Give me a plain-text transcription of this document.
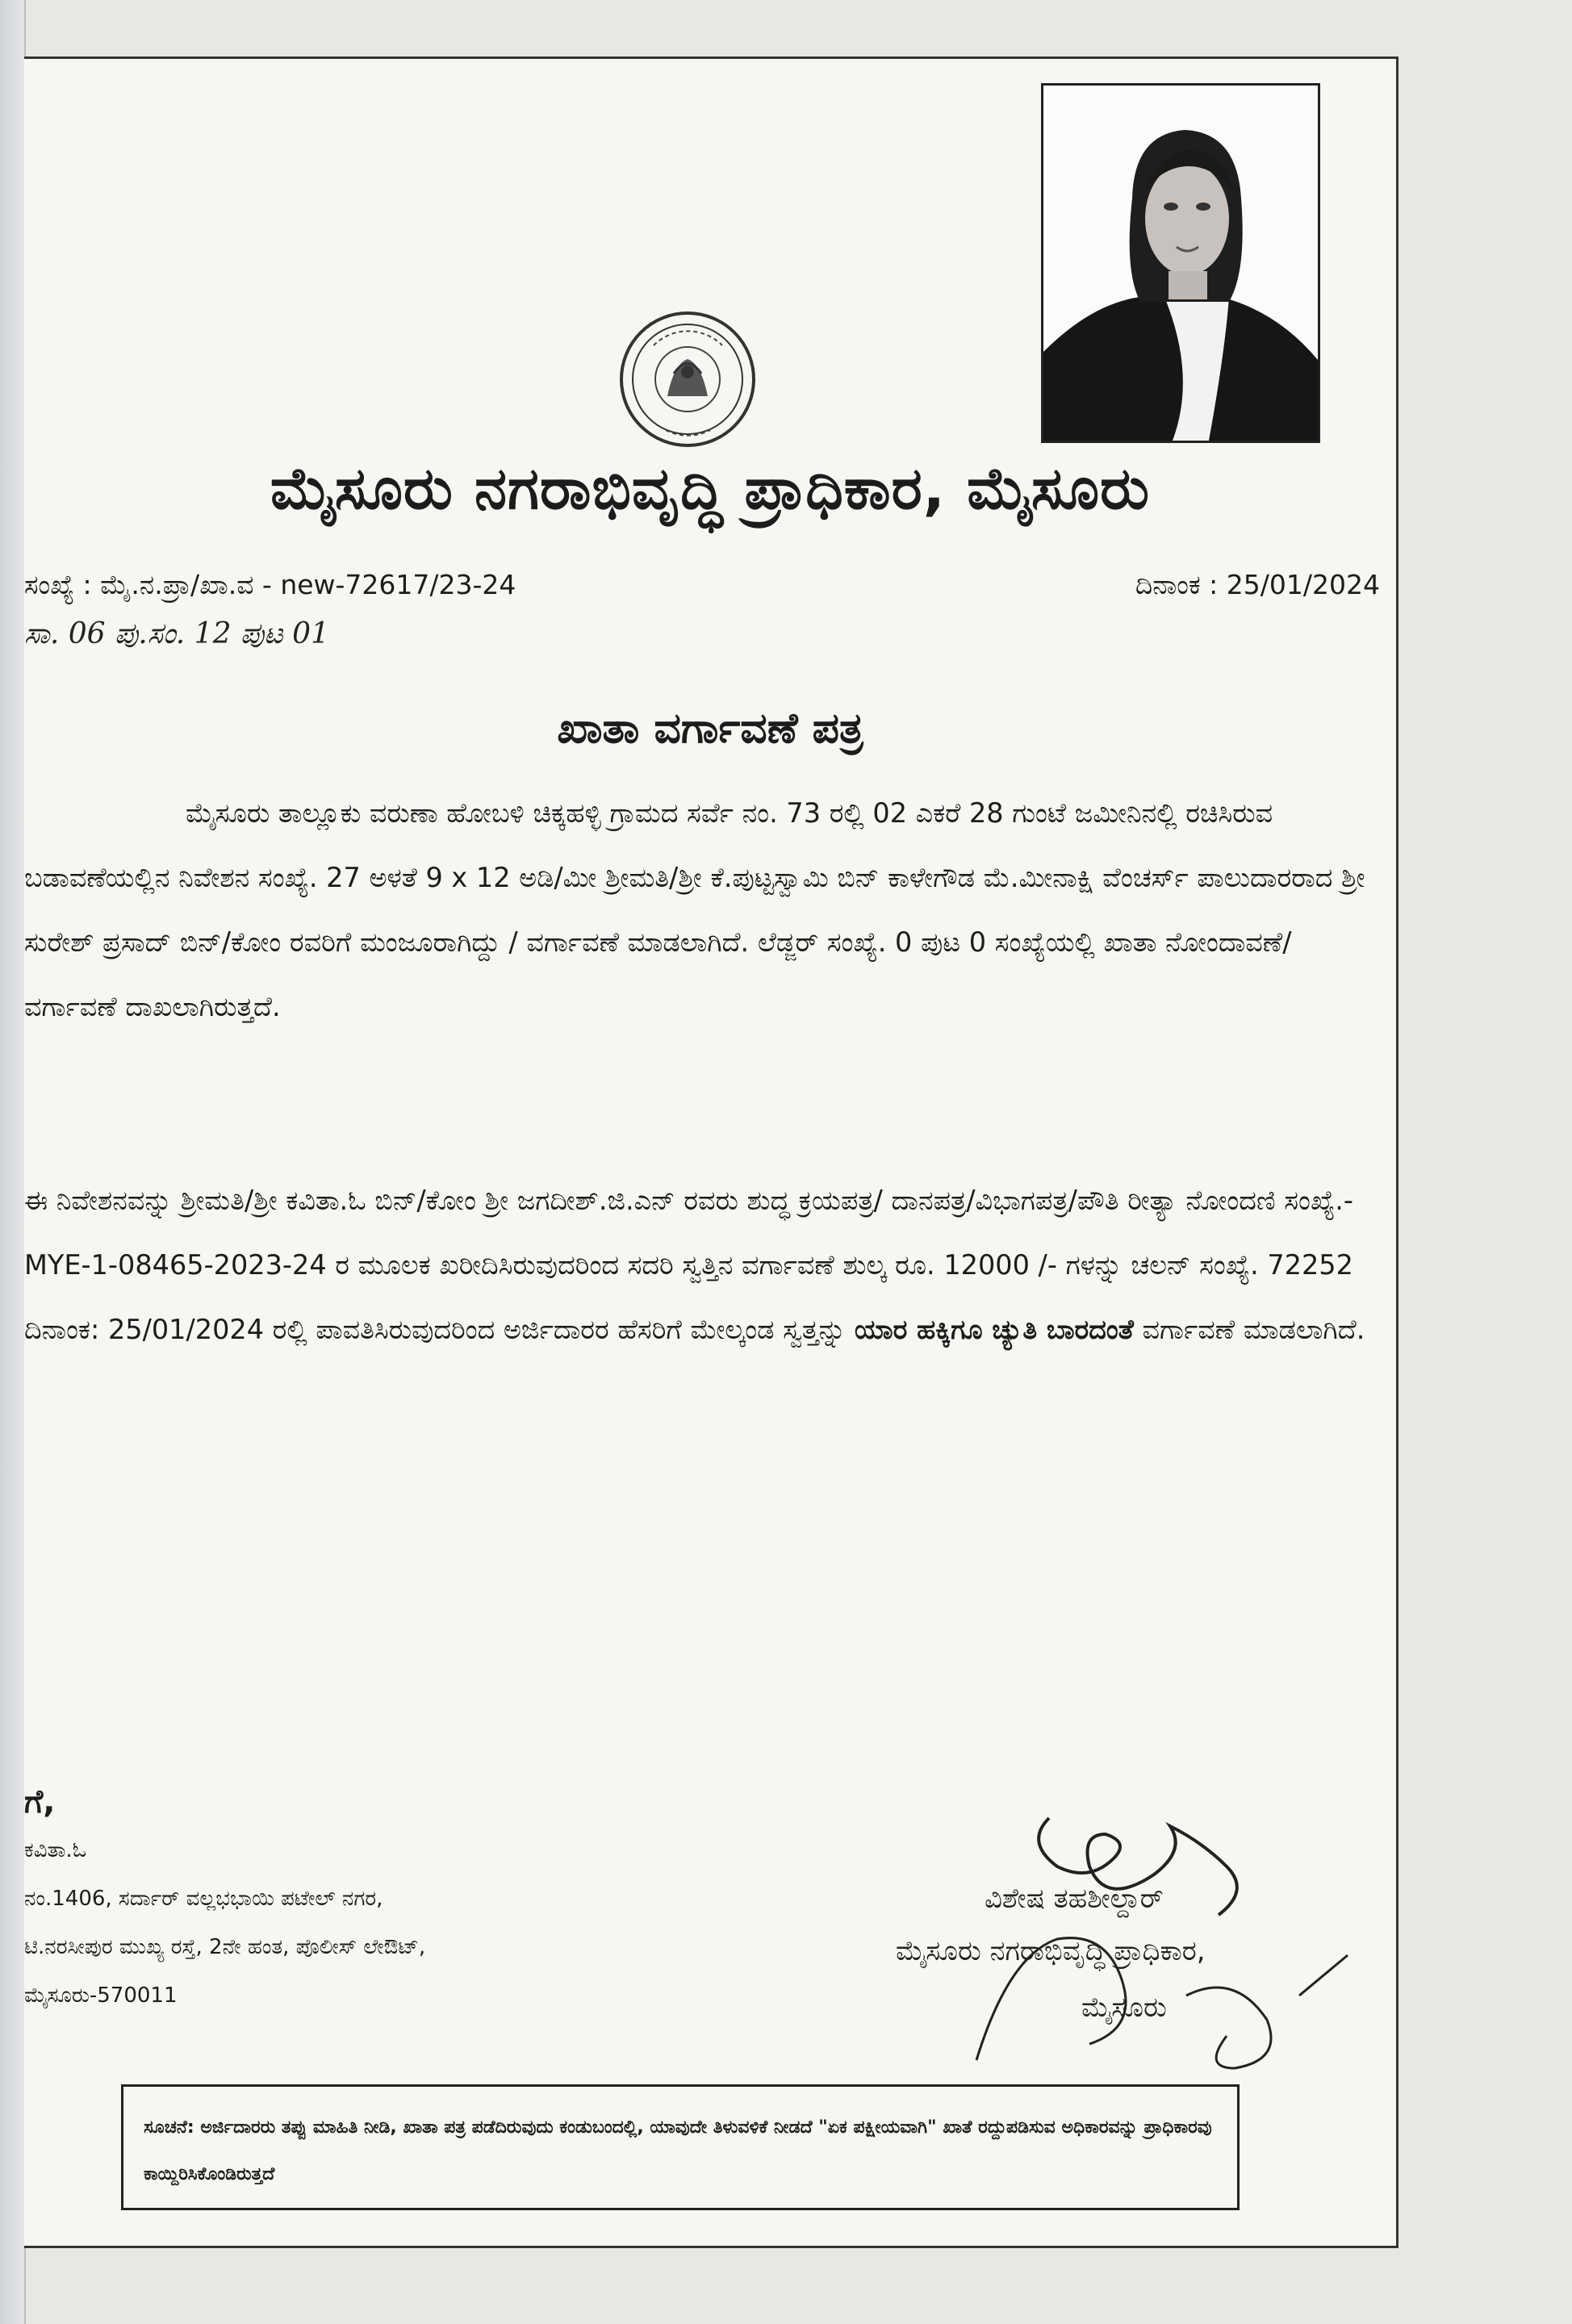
ಮೈಸೂರು ನಗರಾಭಿವೃದ್ಧಿ ಪ್ರಾಧಿಕಾರ, ಮೈಸೂರು
ಸಂಖ್ಯೆ : ಮೈ.ನ.ಪ್ರಾ/ಖಾ.ವ - new-72617/23-24	ದಿನಾಂಕ : 25/01/2024
ಸಾ. 06 ಪು.ಸಂ. 12 ಪುಟ 01
ಖಾತಾ ವರ್ಗಾವಣೆ ಪತ್ರ
ಮೈಸೂರು ತಾಲ್ಲೂಕು ವರುಣಾ ಹೋಬಳಿ ಚಿಕ್ಕಹಳ್ಳಿ ಗ್ರಾಮದ ಸರ್ವೆ ನಂ. 73 ರಲ್ಲಿ 02 ಎಕರೆ 28 ಗುಂಟೆ ಜಮೀನಿನಲ್ಲಿ ರಚಿಸಿರುವ ಬಡಾವಣೆಯಲ್ಲಿನ ನಿವೇಶನ ಸಂಖ್ಯೆ. 27 ಅಳತೆ 9 x 12 ಅಡಿ/ಮೀ ಶ್ರೀಮತಿ/ಶ್ರೀ ಕೆ.ಪುಟ್ಟಸ್ವಾಮಿ ಬಿನ್ ಕಾಳೇಗೌಡ ಮೆ.ಮೀನಾಕ್ಷಿ ವೆಂಚರ್ಸ್ ಪಾಲುದಾರರಾದ ಶ್ರೀ ಸುರೇಶ್ ಪ್ರಸಾದ್ ಬಿನ್/ಕೋಂ ರವರಿಗೆ ಮಂಜೂರಾಗಿದ್ದು / ವರ್ಗಾವಣೆ ಮಾಡಲಾಗಿದೆ. ಲೆಡ್ಜರ್ ಸಂಖ್ಯೆ. 0 ಪುಟ 0 ಸಂಖ್ಯೆಯಲ್ಲಿ ಖಾತಾ ನೋಂದಾವಣೆ/ ವರ್ಗಾವಣೆ ದಾಖಲಾಗಿರುತ್ತದೆ.
ಈ ನಿವೇಶನವನ್ನು ಶ್ರೀಮತಿ/ಶ್ರೀ ಕವಿತಾ.ಓ ಬಿನ್/ಕೋಂ ಶ್ರೀ ಜಗದೀಶ್.ಜಿ.ಎನ್ ರವರು ಶುದ್ಧ ಕ್ರಯಪತ್ರ/ ದಾನಪತ್ರ/ವಿಭಾಗಪತ್ರ/ಪೌತಿ ರೀತ್ಯಾ ನೋಂದಣಿ ಸಂಖ್ಯೆ.- MYE-1-08465-2023-24 ರ ಮೂಲಕ ಖರೀದಿಸಿರುವುದರಿಂದ ಸದರಿ ಸ್ವತ್ತಿನ ವರ್ಗಾವಣೆ ಶುಲ್ಕ ರೂ. 12000 /- ಗಳನ್ನು ಚಲನ್ ಸಂಖ್ಯೆ. 72252 ದಿನಾಂಕ: 25/01/2024 ರಲ್ಲಿ ಪಾವತಿಸಿರುವುದರಿಂದ ಅರ್ಜಿದಾರರ ಹೆಸರಿಗೆ ಮೇಲ್ಕಂಡ ಸ್ವತ್ತನ್ನು ಯಾರ ಹಕ್ಕಿಗೂ ಚ್ಯುತಿ ಬಾರದಂತೆ ವರ್ಗಾವಣೆ ಮಾಡಲಾಗಿದೆ.
ಗೆ,
ಕವಿತಾ.ಓ
ನಂ.1406, ಸರ್ದಾರ್ ವಲ್ಲಭಭಾಯಿ ಪಟೇಲ್ ನಗರ,
ಟಿ.ನರಸೀಪುರ ಮುಖ್ಯ ರಸ್ತೆ, 2ನೇ ಹಂತ, ಪೊಲೀಸ್ ಲೇಔಟ್,
ಮೈಸೂರು-570011
ವಿಶೇಷ ತಹಶೀಲ್ದಾರ್
ಮೈಸೂರು ನಗರಾಭಿವೃದ್ಧಿ ಪ್ರಾಧಿಕಾರ,
ಮೈಸೂರು
ಸೂಚನೆ: ಅರ್ಜಿದಾರರು ತಪ್ಪು ಮಾಹಿತಿ ನೀಡಿ, ಖಾತಾ ಪತ್ರ ಪಡೆದಿರುವುದು ಕಂಡುಬಂದಲ್ಲಿ, ಯಾವುದೇ ತಿಳುವಳಿಕೆ ನೀಡದೆ "ಏಕ ಪಕ್ಷೀಯವಾಗಿ" ಖಾತೆ ರದ್ದುಪಡಿಸುವ ಅಧಿಕಾರವನ್ನು ಪ್ರಾಧಿಕಾರವು ಕಾಯ್ದಿರಿಸಿಕೊಂಡಿರುತ್ತದೆ
